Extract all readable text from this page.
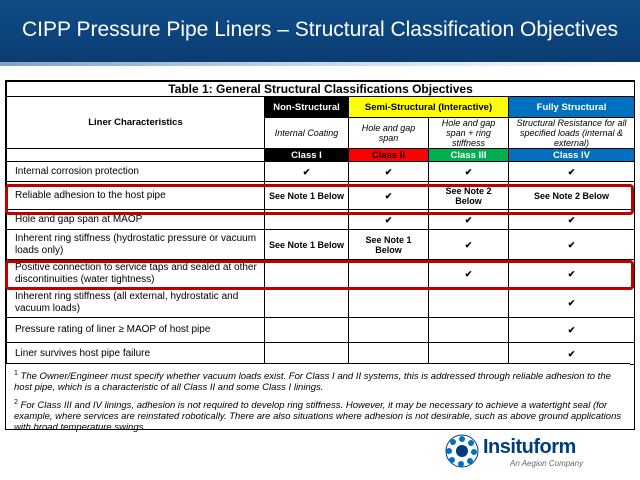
CIPP Pressure Pipe Liners – Structural Classification Objectives
Table 1: General Structural Classifications Objectives				
Liner Characteristics	Non-Structural	Semi-Structural (Interactive)		Fully Structural
	Internal Coating	Hole and gap span	Hole and gap span + ring stiffness	Structural Resistance for all specified loads (internal & external)
	Class I	Class II	Class III	Class IV
Internal corrosion protection	✔	✔	✔	✔
Reliable adhesion to the host pipe	See Note 1 Below	✔	See Note 2 Below	See Note 2 Below
Hole and gap span at MAOP		✔	✔	✔
Inherent ring stiffness (hydrostatic pressure or vacuum loads only)	See Note 1 Below	See Note 1 Below	✔	✔
Positive connection to service taps and sealed at other discontinuities (water tightness)			✔	✔
Inherent ring stiffness (all external, hydrostatic and vacuum loads)				✔
Pressure rating of liner ≥ MAOP of host pipe				✔
Liner survives host pipe failure				✔
$^1$ The Owner/Engineer must specify whether vacuum loads exist. For Class I and II systems, this is addressed through reliable adhesion to the host pipe, which is a characteristic of all Class II and some Class I linings.
$^2$ For Class III and IV linings, adhesion is not required to develop ring stiffness. However, it may be necessary to achieve a watertight seal (for example, where services are reinstated robotically. There are also situations where adhesion is not desirable, such as above ground applications with broad temperature swings.
Insituform
An Aegion Company
